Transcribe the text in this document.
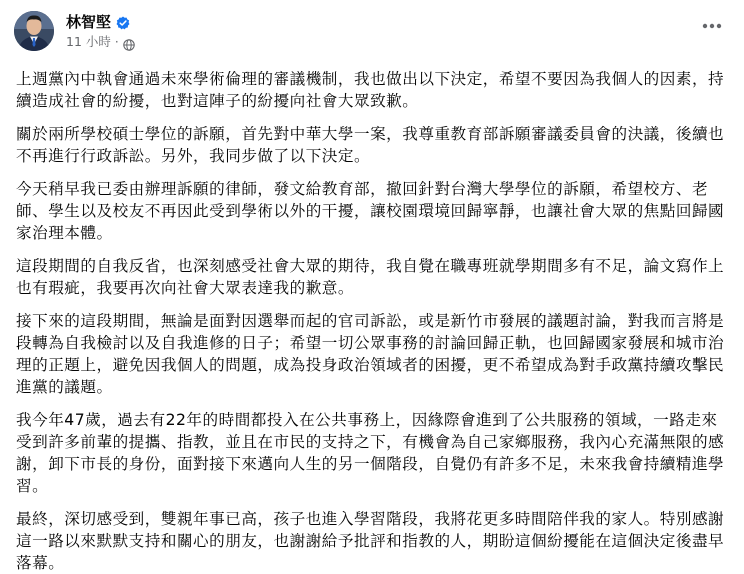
林智堅
11 小時 ·

上週黨內中執會通過未來學術倫理的審議機制，我也做出以下決定，希望不要因為我個人的因素，持續造成社會的紛擾，也對這陣子的紛擾向社會大眾致歉。

關於兩所學校碩士學位的訴願，首先對中華大學一案，我尊重教育部訴願審議委員會的決議，後續也不再進行行政訴訟。另外，我同步做了以下決定。

今天稍早我已委由辦理訴願的律師，發文給教育部，撤回針對台灣大學學位的訴願，希望校方、老師、學生以及校友不再因此受到學術以外的干擾，讓校園環境回歸寧靜，也讓社會大眾的焦點回歸國家治理本體。

這段期間的自我反省，也深刻感受社會大眾的期待，我自覺在職專班就學期間多有不足，論文寫作上也有瑕疵，我要再次向社會大眾表達我的歉意。

接下來的這段期間，無論是面對因選舉而起的官司訴訟，或是新竹市發展的議題討論，對我而言將是段轉為自我檢討以及自我進修的日子；希望一切公眾事務的討論回歸正軌，也回歸國家發展和城市治理的正題上，避免因我個人的問題，成為投身政治領域者的困擾，更不希望成為對手政黨持續攻擊民進黨的議題。

我今年47歲，過去有22年的時間都投入在公共事務上，因緣際會進到了公共服務的領域，一路走來受到許多前輩的提攜、指教，並且在市民的支持之下，有機會為自己家鄉服務，我內心充滿無限的感謝，卸下市長的身份，面對接下來邁向人生的另一個階段，自覺仍有許多不足，未來我會持續精進學習。

最終，深切感受到，雙親年事已高，孩子也進入學習階段，我將花更多時間陪伴我的家人。特別感謝這一路以來默默支持和關心的朋友，也謝謝給予批評和指教的人，期盼這個紛擾能在這個決定後盡早落幕。
